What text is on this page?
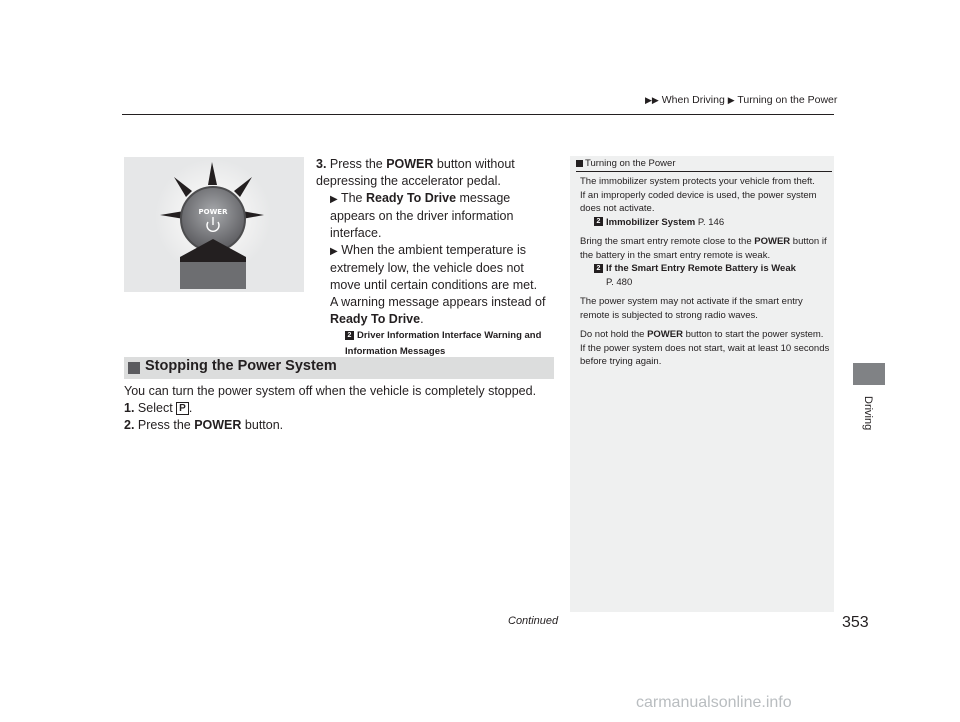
▶▶ When Driving ▶ Turning on the Power
Driving
POWER
3. Press the POWER button without depressing the accelerator pedal.
▶ The Ready To Drive message appears on the driver information interface.
▶ When the ambient temperature is extremely low, the vehicle does not move until certain conditions are met.
A warning message appears instead of Ready To Drive.
2 Driver Information Interface Warning and Information Messages

Stopping the Power System
You can turn the power system off when the vehicle is completely stopped.
1. Select P .
2. Press the POWER button.
Turning on the Power
The immobilizer system protects your vehicle from theft.
If an improperly coded device is used, the power system does not activate.
2 Immobilizer System P. 146
Bring the smart entry remote close to the POWER button if the battery in the smart entry remote is weak.
2 If the Smart Entry Remote Battery is Weak
P. 480
The power system may not activate if the smart entry remote is subjected to strong radio waves.
Do not hold the POWER button to start the power system.
If the power system does not start, wait at least 10 seconds before trying again.
Continued	353
carmanualsonline.info
